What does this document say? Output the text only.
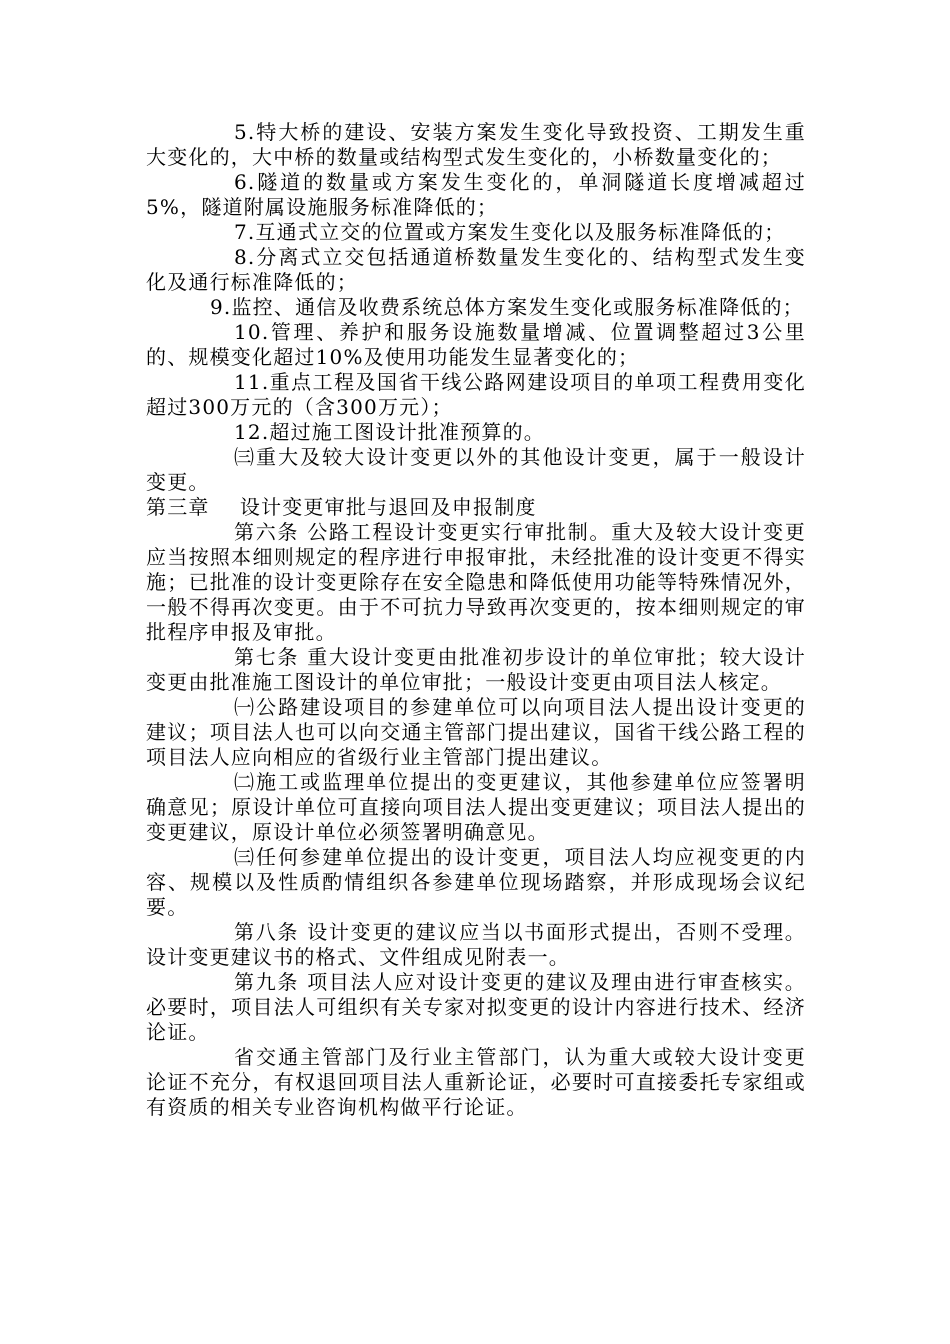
5.特大桥的建设、安装方案发生变化导致投资、工期发生重大变化的，大中桥的数量或结构型式发生变化的，小桥数量变化的；

6.隧道的数量或方案发生变化的，单洞隧道长度增减超过5%，隧道附属设施服务标准降低的；

7.互通式立交的位置或方案发生变化以及服务标准降低的；

8.分离式立交包括通道桥数量发生变化的、结构型式发生变化及通行标准降低的；

9.监控、通信及收费系统总体方案发生变化或服务标准降低的；

10.管理、养护和服务设施数量增减、位置调整超过3公里的、规模变化超过10%及使用功能发生显著变化的；

11.重点工程及国省干线公路网建设项目的单项工程费用变化超过300万元的（含300万元）；

12.超过施工图设计批准预算的。

㈢重大及较大设计变更以外的其他设计变更，属于一般设计变更。

第三章    设计变更审批与退回及申报制度

第六条 公路工程设计变更实行审批制。重大及较大设计变更应当按照本细则规定的程序进行申报审批，未经批准的设计变更不得实施；已批准的设计变更除存在安全隐患和降低使用功能等特殊情况外，一般不得再次变更。由于不可抗力导致再次变更的，按本细则规定的审批程序申报及审批。

第七条 重大设计变更由批准初步设计的单位审批；较大设计变更由批准施工图设计的单位审批；一般设计变更由项目法人核定。

㈠公路建设项目的参建单位可以向项目法人提出设计变更的建议；项目法人也可以向交通主管部门提出建议，国省干线公路工程的项目法人应向相应的省级行业主管部门提出建议。

㈡施工或监理单位提出的变更建议，其他参建单位应签署明确意见；原设计单位可直接向项目法人提出变更建议；项目法人提出的变更建议，原设计单位必须签署明确意见。

㈢任何参建单位提出的设计变更，项目法人均应视变更的内容、规模以及性质酌情组织各参建单位现场踏察，并形成现场会议纪要。

第八条 设计变更的建议应当以书面形式提出，否则不受理。设计变更建议书的格式、文件组成见附表一。

第九条 项目法人应对设计变更的建议及理由进行审查核实。必要时，项目法人可组织有关专家对拟变更的设计内容进行技术、经济论证。

省交通主管部门及行业主管部门，认为重大或较大设计变更论证不充分，有权退回项目法人重新论证，必要时可直接委托专家组或有资质的相关专业咨询机构做平行论证。
